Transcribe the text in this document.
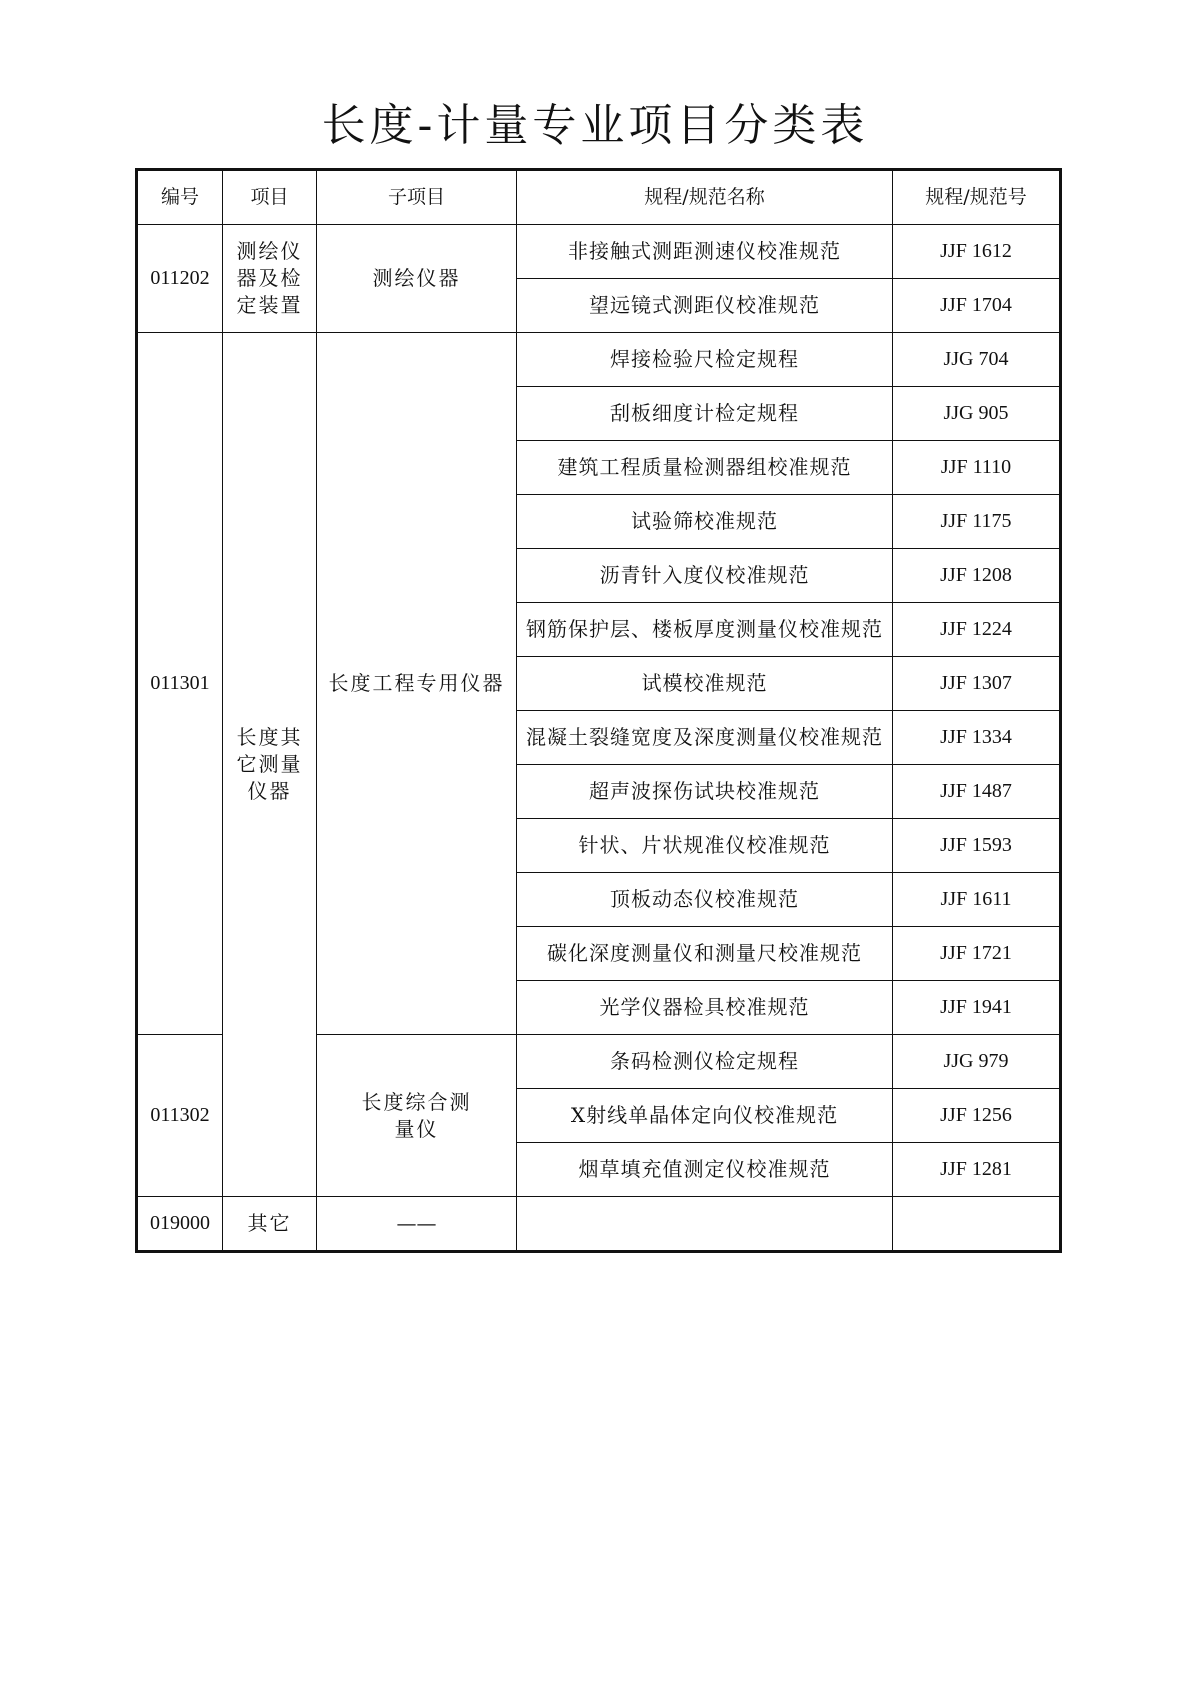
长度-计量专业项目分类表
编号	项目	子项目	规程/规范名称	规程/规范号
011202	测绘仪器及检定装置	测绘仪器	非接触式测距测速仪校准规范	JJF 1612
			望远镜式测距仪校准规范	JJF 1704
011301	长度其它测量仪器	长度工程专用仪器	焊接检验尺检定规程	JJG 704
			刮板细度计检定规程	JJG 905
			建筑工程质量检测器组校准规范	JJF 1110
			试验筛校准规范	JJF 1175
			沥青针入度仪校准规范	JJF 1208
			钢筋保护层、楼板厚度测量仪校准规范	JJF 1224
			试模校准规范	JJF 1307
			混凝土裂缝宽度及深度测量仪校准规范	JJF 1334
			超声波探伤试块校准规范	JJF 1487
			针状、片状规准仪校准规范	JJF 1593
			顶板动态仪校准规范	JJF 1611
			碳化深度测量仪和测量尺校准规范	JJF 1721
			光学仪器检具校准规范	JJF 1941
011302		长度综合测量仪	条码检测仪检定规程	JJG 979
			X射线单晶体定向仪校准规范	JJF 1256
			烟草填充值测定仪校准规范	JJF 1281
019000	其它	——		
